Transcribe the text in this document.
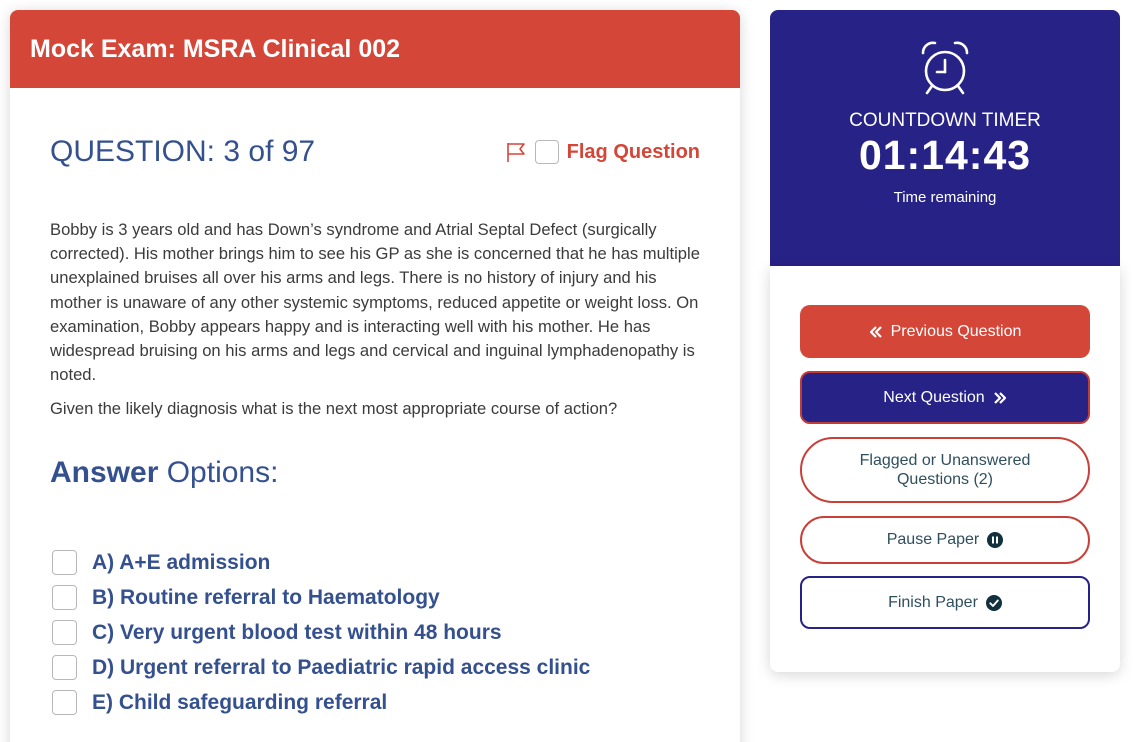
Mock Exam: MSRA Clinical 002
QUESTION: 3 of 97	Flag Question

Bobby is 3 years old and has Down’s syndrome and Atrial Septal Defect (surgically corrected). His mother brings him to see his GP as she is concerned that he has multiple unexplained bruises all over his arms and legs. There is no history of injury and his mother is unaware of any other systemic symptoms, reduced appetite or weight loss. On examination, Bobby appears happy and is interacting well with his mother. He has widespread bruising on his arms and legs and cervical and inguinal lymphadenopathy is noted.

Given the likely diagnosis what is the next most appropriate course of action?

Answer Options:
A) A+E admission
B) Routine referral to Haematology
C) Very urgent blood test within 48 hours
D) Urgent referral to Paediatric rapid access clinic
E) Child safeguarding referral
COUNTDOWN TIMER
01:14:43
Time remaining
Previous Question
Next Question
Flagged or Unanswered Questions (2)
Pause Paper
Finish Paper
